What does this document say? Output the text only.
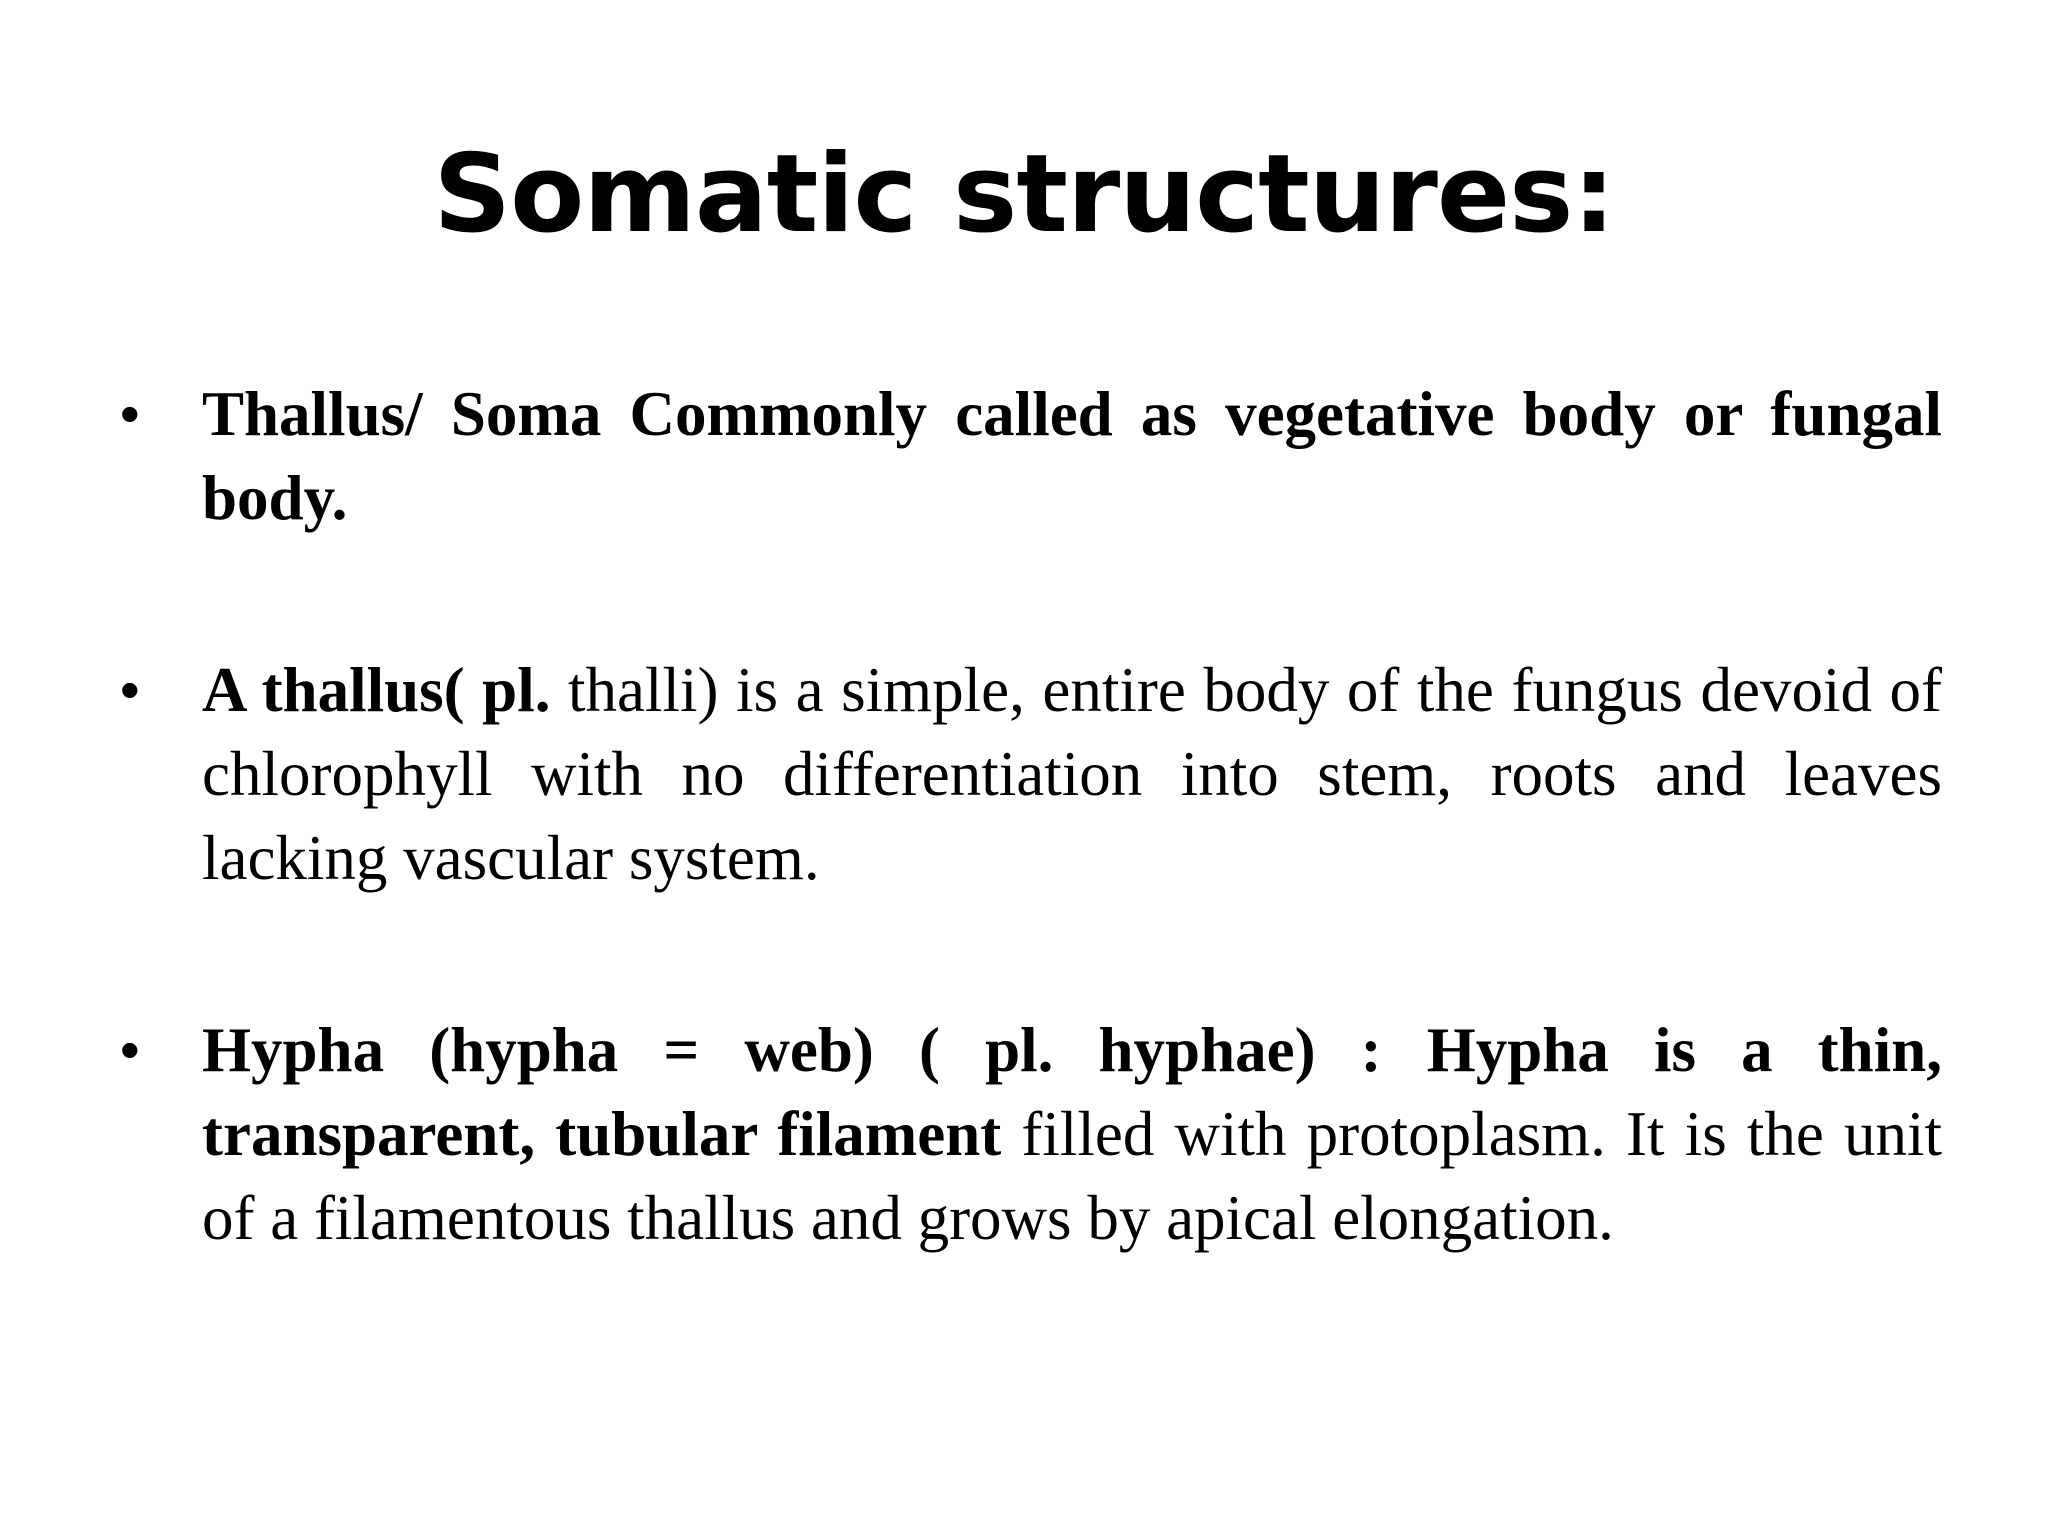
Somatic structures:
• Thallus/ Soma Commonly called as vegetative body or fungal body.
• A thallus( pl. thalli) is a simple, entire body of the fungus devoid of chlorophyll with no differentiation into stem, roots and leaves lacking vascular system.
• Hypha (hypha = web) ( pl. hyphae) : Hypha is a thin, transparent, tubular filament filled with protoplasm. It is the unit of a filamentous thallus and grows by apical elongation.
